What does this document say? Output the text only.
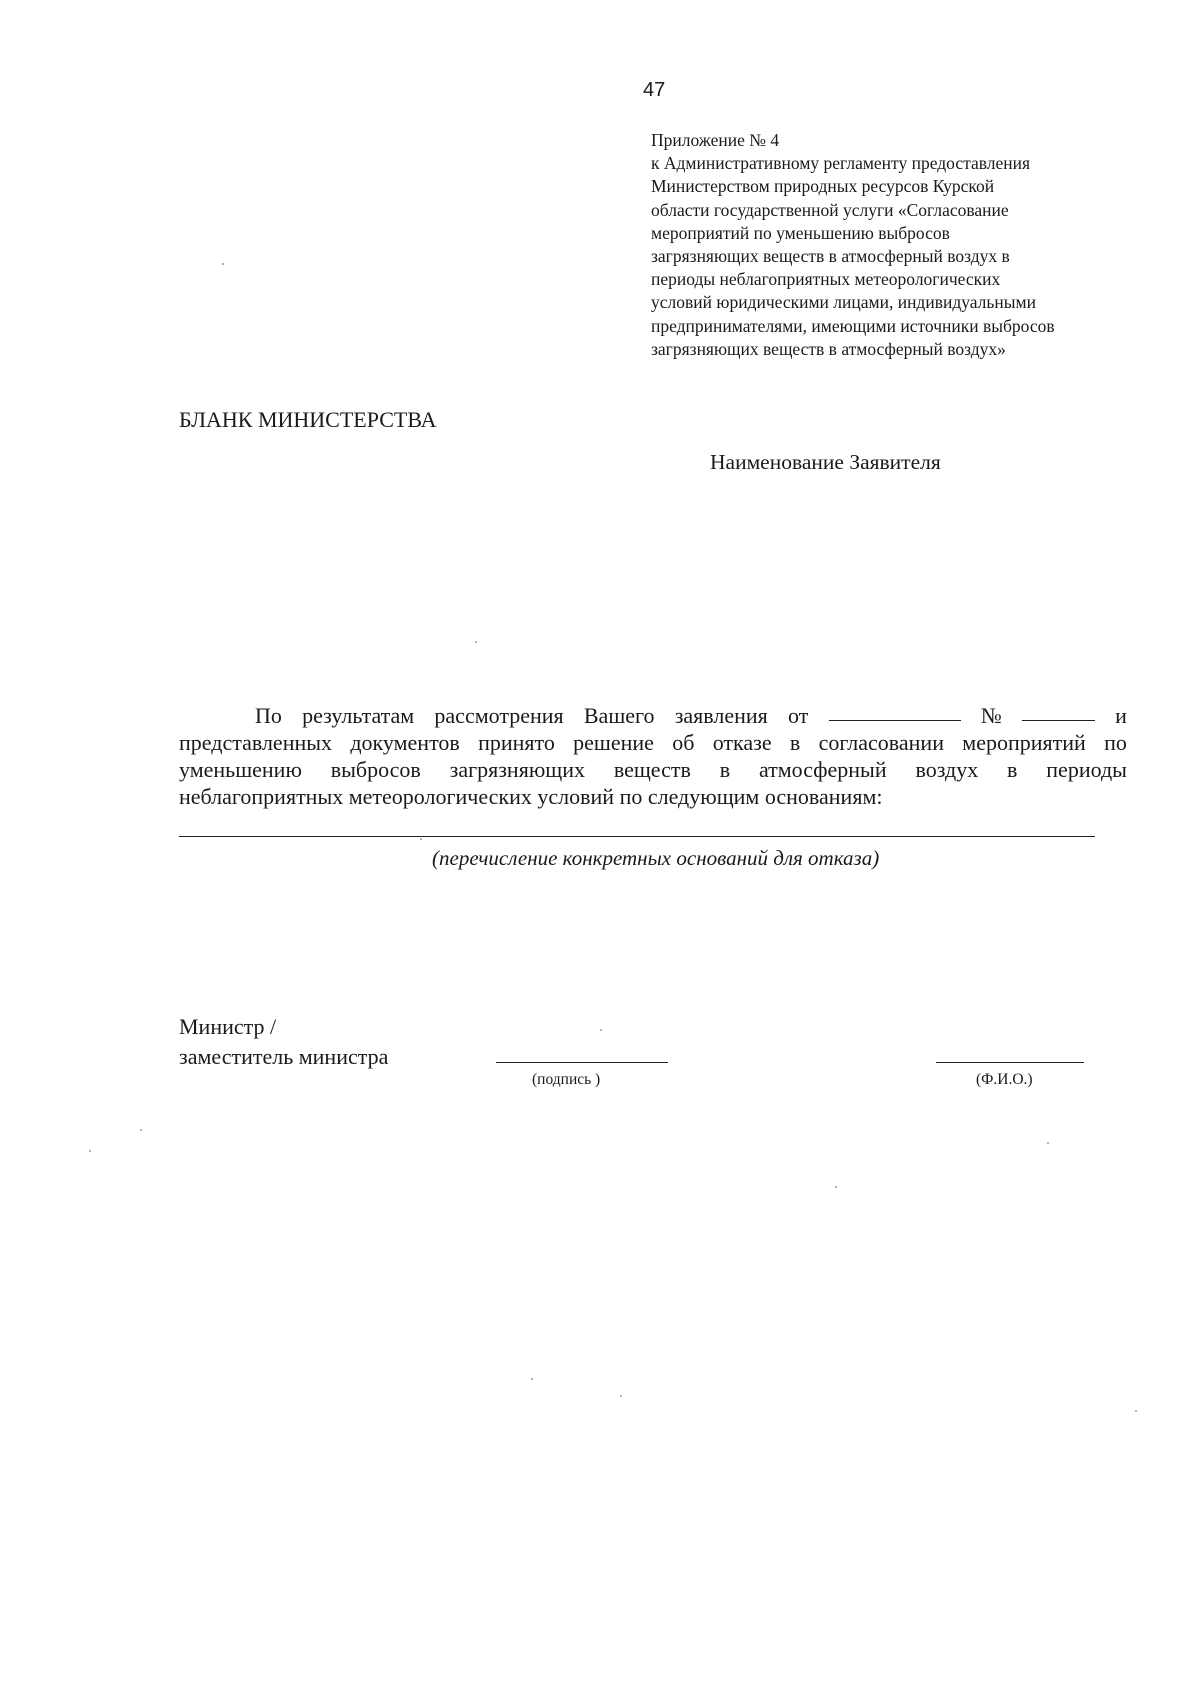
47
Приложение № 4
к Административному регламенту предоставления
Министерством природных ресурсов Курской
области государственной услуги «Согласование
мероприятий по уменьшению выбросов
загрязняющих веществ в атмосферный воздух в
периоды неблагоприятных метеорологических
условий юридическими лицами, индивидуальными
предпринимателями, имеющими источники выбросов
загрязняющих веществ в атмосферный воздух»
БЛАНК МИНИСТЕРСТВА
Наименование Заявителя
По результатам рассмотрения Вашего заявления от	№	и
представленных документов принято решение об отказе в согласовании мероприятий по
уменьшению выбросов загрязняющих веществ в атмосферный воздух в периоды
неблагоприятных метеорологических условий по следующим основаниям:
(перечисление конкретных оснований для отказа)
Министр /
заместитель министра
(подпись )	(Ф.И.О.)
